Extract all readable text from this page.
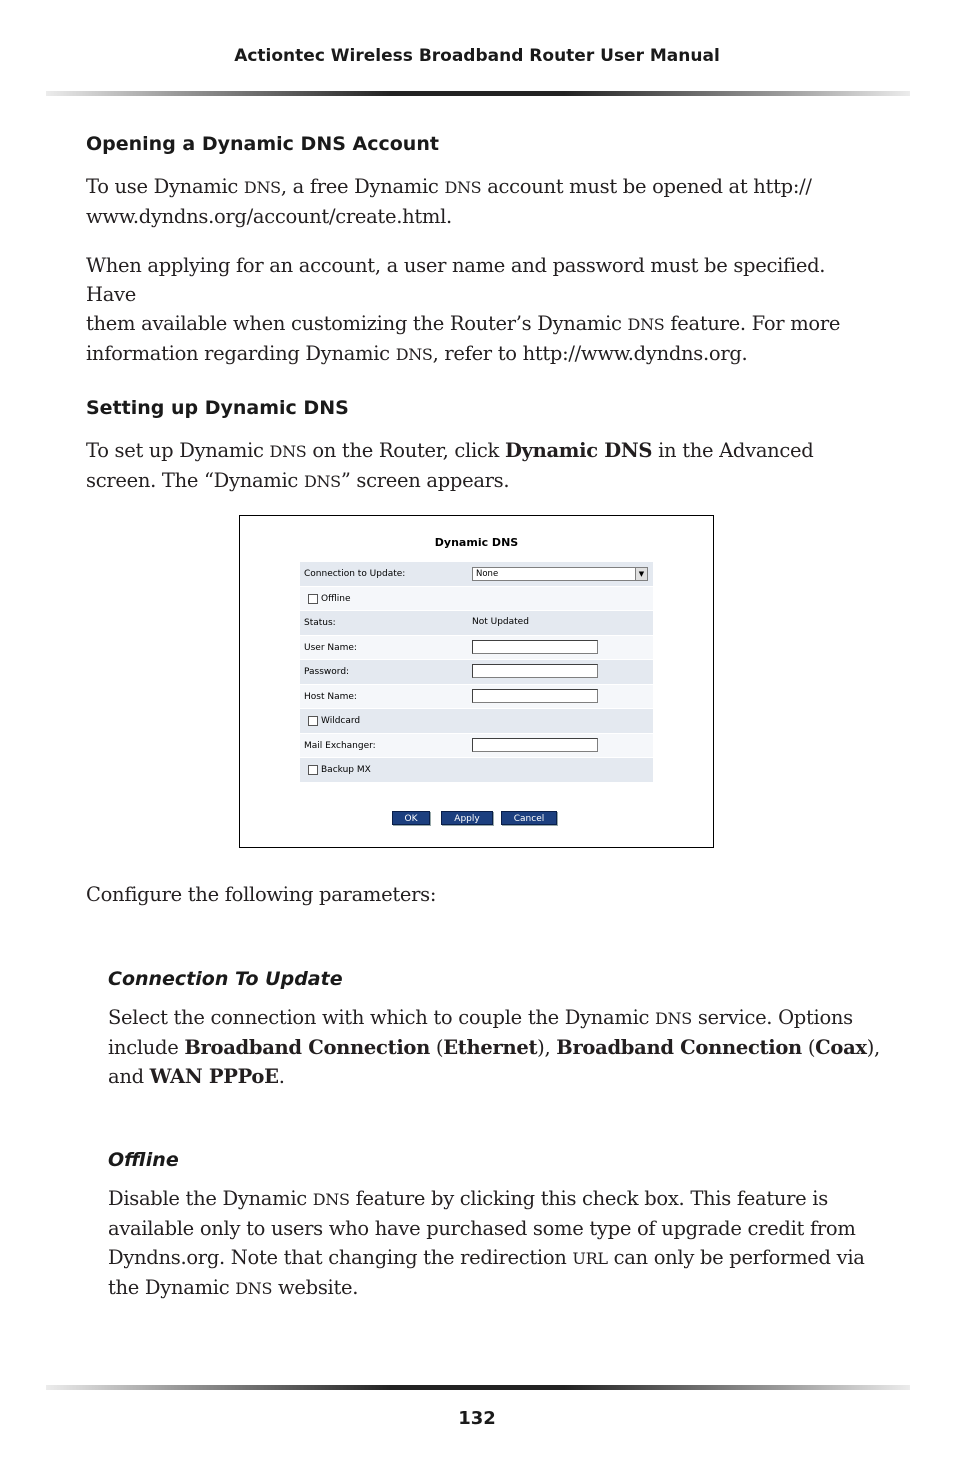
Actiontec Wireless Broadband Router User Manual
Opening a Dynamic DNS Account
To use Dynamic DNS, a free Dynamic DNS account must be opened at http://
www.dyndns.org/account/create.html.
When applying for an account, a user name and password must be specified. Have
them available when customizing the Router’s Dynamic DNS feature. For more
information regarding Dynamic DNS, refer to http://www.dyndns.org.
Setting up Dynamic DNS
To set up Dynamic DNS on the Router, click Dynamic DNS in the Advanced
screen. The “Dynamic DNS” screen appears.
Dynamic DNS
Connection to Update:	None	▼
Offline
Status:	Not Updated
User Name:
Password:
Host Name:
Wildcard
Mail Exchanger:
Backup MX
OK	Apply	Cancel
Configure the following parameters:
Connection To Update
Select the connection with which to couple the Dynamic DNS service. Options
include Broadband Connection (Ethernet), Broadband Connection (Coax),
and WAN PPPoE.
Offline
Disable the Dynamic DNS feature by clicking this check box. This feature is
available only to users who have purchased some type of upgrade credit from
Dyndns.org. Note that changing the redirection URL can only be performed via
the Dynamic DNS website.
132
